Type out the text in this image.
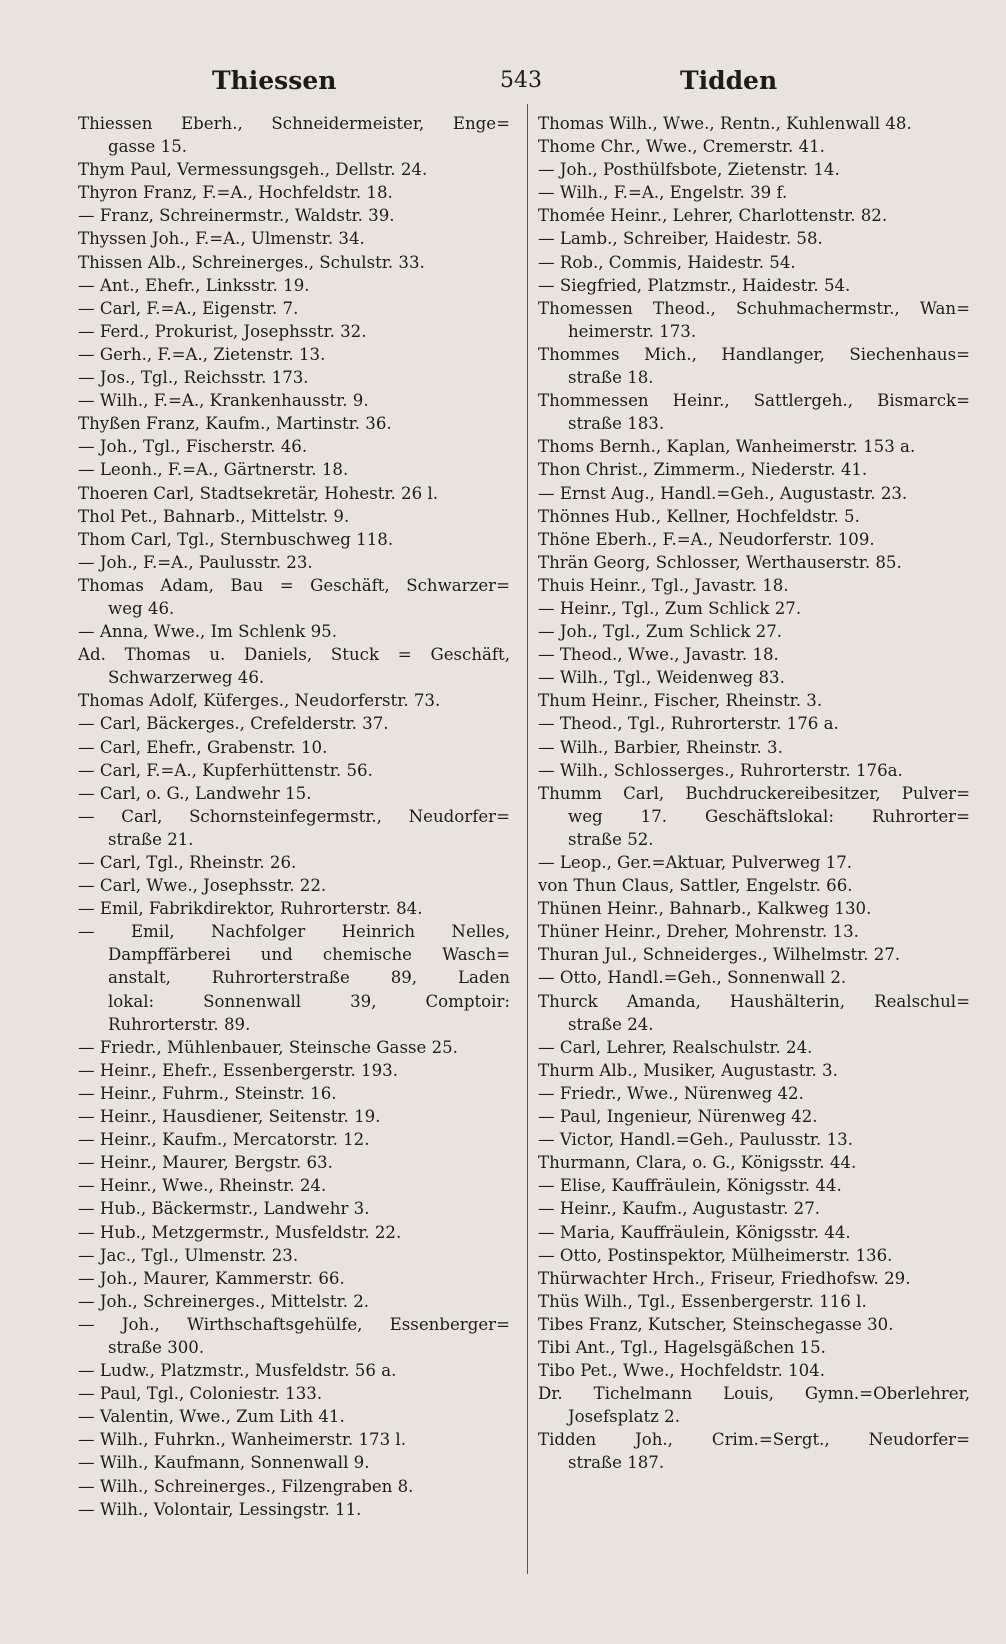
Thiessen	543	Tidden
Thiessen Eberh., Schneidermeister, Enge=
gasse 15.
Thym Paul, Vermessungsgeh., Dellstr. 24.
Thyron Franz, F.=A., Hochfeldstr. 18.
— Franz, Schreinermstr., Waldstr. 39.
Thyssen Joh., F.=A., Ulmenstr. 34.
Thissen Alb., Schreinerges., Schulstr. 33.
— Ant., Ehefr., Linksstr. 19.
— Carl, F.=A., Eigenstr. 7.
— Ferd., Prokurist, Josephsstr. 32.
— Gerh., F.=A., Zietenstr. 13.
— Jos., Tgl., Reichsstr. 173.
— Wilh., F.=A., Krankenhausstr. 9.
Thyßen Franz, Kaufm., Martinstr. 36.
— Joh., Tgl., Fischerstr. 46.
— Leonh., F.=A., Gärtnerstr. 18.
Thoeren Carl, Stadtsekretär, Hohestr. 26 l.
Thol Pet., Bahnarb., Mittelstr. 9.
Thom Carl, Tgl., Sternbuschweg 118.
— Joh., F.=A., Paulusstr. 23.
Thomas Adam, Bau = Geschäft, Schwarzer=
weg 46.
— Anna, Wwe., Im Schlenk 95.
Ad. Thomas u. Daniels, Stuck = Geschäft,
Schwarzerweg 46.
Thomas Adolf, Küferges., Neudorferstr. 73.
— Carl, Bäckerges., Crefelderstr. 37.
— Carl, Ehefr., Grabenstr. 10.
— Carl, F.=A., Kupferhüttenstr. 56.
— Carl, o. G., Landwehr 15.
— Carl, Schornsteinfegermstr., Neudorfer=
straße 21.
— Carl, Tgl., Rheinstr. 26.
— Carl, Wwe., Josephsstr. 22.
— Emil, Fabrikdirektor, Ruhrorterstr. 84.
— Emil, Nachfolger Heinrich Nelles,
Dampffärberei und chemische Wasch=
anstalt, Ruhrorterstraße 89, Laden
lokal: Sonnenwall 39, Comptoir:
Ruhrorterstr. 89.
— Friedr., Mühlenbauer, Steinsche Gasse 25.
— Heinr., Ehefr., Essenbergerstr. 193.
— Heinr., Fuhrm., Steinstr. 16.
— Heinr., Hausdiener, Seitenstr. 19.
— Heinr., Kaufm., Mercatorstr. 12.
— Heinr., Maurer, Bergstr. 63.
— Heinr., Wwe., Rheinstr. 24.
— Hub., Bäckermstr., Landwehr 3.
— Hub., Metzgermstr., Musfeldstr. 22.
— Jac., Tgl., Ulmenstr. 23.
— Joh., Maurer, Kammerstr. 66.
— Joh., Schreinerges., Mittelstr. 2.
— Joh., Wirthschaftsgehülfe, Essenberger=
straße 300.
— Ludw., Platzmstr., Musfeldstr. 56 a.
— Paul, Tgl., Coloniestr. 133.
— Valentin, Wwe., Zum Lith 41.
— Wilh., Fuhrkn., Wanheimerstr. 173 l.
— Wilh., Kaufmann, Sonnenwall 9.
— Wilh., Schreinerges., Filzengraben 8.
— Wilh., Volontair, Lessingstr. 11.
Thomas Wilh., Wwe., Rentn., Kuhlenwall 48.
Thome Chr., Wwe., Cremerstr. 41.
— Joh., Posthülfsbote, Zietenstr. 14.
— Wilh., F.=A., Engelstr. 39 f.
Thomée Heinr., Lehrer, Charlottenstr. 82.
— Lamb., Schreiber, Haidestr. 58.
— Rob., Commis, Haidestr. 54.
— Siegfried, Platzmstr., Haidestr. 54.
Thomessen Theod., Schuhmachermstr., Wan=
heimerstr. 173.
Thommes Mich., Handlanger, Siechenhaus=
straße 18.
Thommessen Heinr., Sattlergeh., Bismarck=
straße 183.
Thoms Bernh., Kaplan, Wanheimerstr. 153 a.
Thon Christ., Zimmerm., Niederstr. 41.
— Ernst Aug., Handl.=Geh., Augustastr. 23.
Thönnes Hub., Kellner, Hochfeldstr. 5.
Thöne Eberh., F.=A., Neudorferstr. 109.
Thrän Georg, Schlosser, Werthauserstr. 85.
Thuis Heinr., Tgl., Javastr. 18.
— Heinr., Tgl., Zum Schlick 27.
— Joh., Tgl., Zum Schlick 27.
— Theod., Wwe., Javastr. 18.
— Wilh., Tgl., Weidenweg 83.
Thum Heinr., Fischer, Rheinstr. 3.
— Theod., Tgl., Ruhrorterstr. 176 a.
— Wilh., Barbier, Rheinstr. 3.
— Wilh., Schlosserges., Ruhrorterstr. 176a.
Thumm Carl, Buchdruckereibesitzer, Pulver=
weg 17. Geschäftslokal: Ruhrorter=
straße 52.
— Leop., Ger.=Aktuar, Pulverweg 17.
von Thun Claus, Sattler, Engelstr. 66.
Thünen Heinr., Bahnarb., Kalkweg 130.
Thüner Heinr., Dreher, Mohrenstr. 13.
Thuran Jul., Schneiderges., Wilhelmstr. 27.
— Otto, Handl.=Geh., Sonnenwall 2.
Thurck Amanda, Haushälterin, Realschul=
straße 24.
— Carl, Lehrer, Realschulstr. 24.
Thurm Alb., Musiker, Augustastr. 3.
— Friedr., Wwe., Nürenweg 42.
— Paul, Ingenieur, Nürenweg 42.
— Victor, Handl.=Geh., Paulusstr. 13.
Thurmann, Clara, o. G., Königsstr. 44.
— Elise, Kauffräulein, Königsstr. 44.
— Heinr., Kaufm., Augustastr. 27.
— Maria, Kauffräulein, Königsstr. 44.
— Otto, Postinspektor, Mülheimerstr. 136.
Thürwachter Hrch., Friseur, Friedhofsw. 29.
Thüs Wilh., Tgl., Essenbergerstr. 116 l.
Tibes Franz, Kutscher, Steinschegasse 30.
Tibi Ant., Tgl., Hagelsgäßchen 15.
Tibo Pet., Wwe., Hochfeldstr. 104.
Dr. Tichelmann Louis, Gymn.=Oberlehrer,
Josefsplatz 2.
Tidden Joh., Crim.=Sergt., Neudorfer=
straße 187.
